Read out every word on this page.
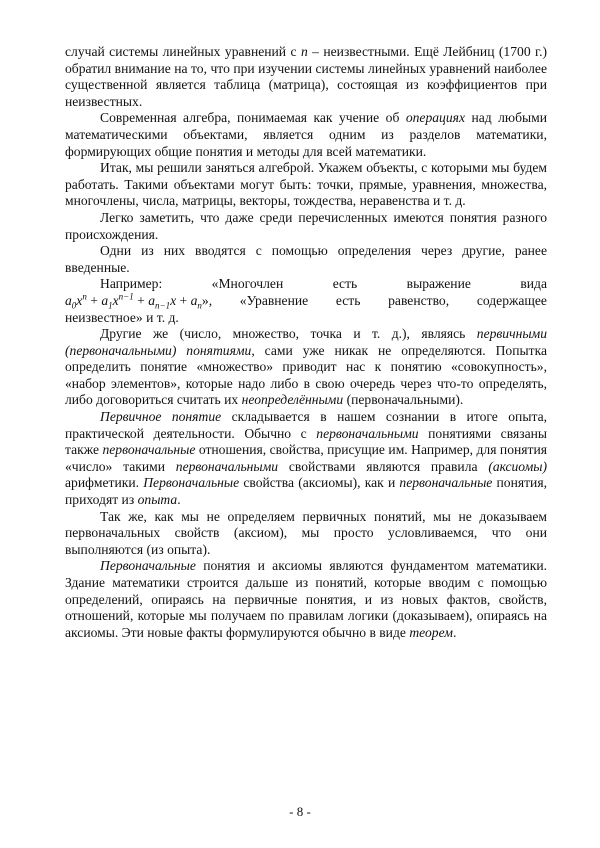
случай системы линейных уравнений с n – неизвестными. Ещё Лейбниц (1700 г.) обратил внимание на то, что при изучении системы линейных уравнений наиболее существенной является таблица (матрица), состоящая из коэффициентов при неизвестных.

Современная алгебра, понимаемая как учение об операциях над любыми математическими объектами, является одним из разделов математики, формирующих общие понятия и методы для всей математики.

Итак, мы решили заняться алгеброй. Укажем объекты, с которыми мы будем работать. Такими объектами могут быть: точки, прямые, уравнения, множества, многочлены, числа, матрицы, векторы, тождества, неравенства и т. д.

Легко заметить, что даже среди перечисленных имеются понятия разного происхождения.

Одни из них вводятся с помощью определения через другие, ранее введенные.

Например:	«Многочлен	есть	выражение	вида
$a_0x^n + a_1x^{n-1} + a_{n-1}x + a_n$», «Уравнение есть равенство, содержащее

неизвестное» и т. д.

Другие же (число, множество, точка и т. д.), являясь первичными (первоначальными) понятиями, сами уже никак не определяются. Попытка определить понятие «множество» приводит нас к понятию «совокупность», «набор элементов», которые надо либо в свою очередь через что-то определять, либо договориться считать их неопределёнными (первоначальными).

Первичное понятие складывается в нашем сознании в итоге опыта, практической деятельности. Обычно с первоначальными понятиями связаны также первоначальные отношения, свойства, присущие им. Например, для понятия «число» такими первоначальными свойствами являются правила (аксиомы) арифметики. Первоначальные свойства (аксиомы), как и первоначальные понятия, приходят из опыта.

Так же, как мы не определяем первичных понятий, мы не доказываем первоначальных свойств (аксиом), мы просто условливаемся, что они выполняются (из опыта).

Первоначальные понятия и аксиомы являются фундаментом математики. Здание математики строится дальше из понятий, которые вводим с помощью определений, опираясь на первичные понятия, и из новых фактов, свойств, отношений, которые мы получаем по правилам логики (доказываем), опираясь на аксиомы. Эти новые факты формулируются обычно в виде теорем.

- 8 -
